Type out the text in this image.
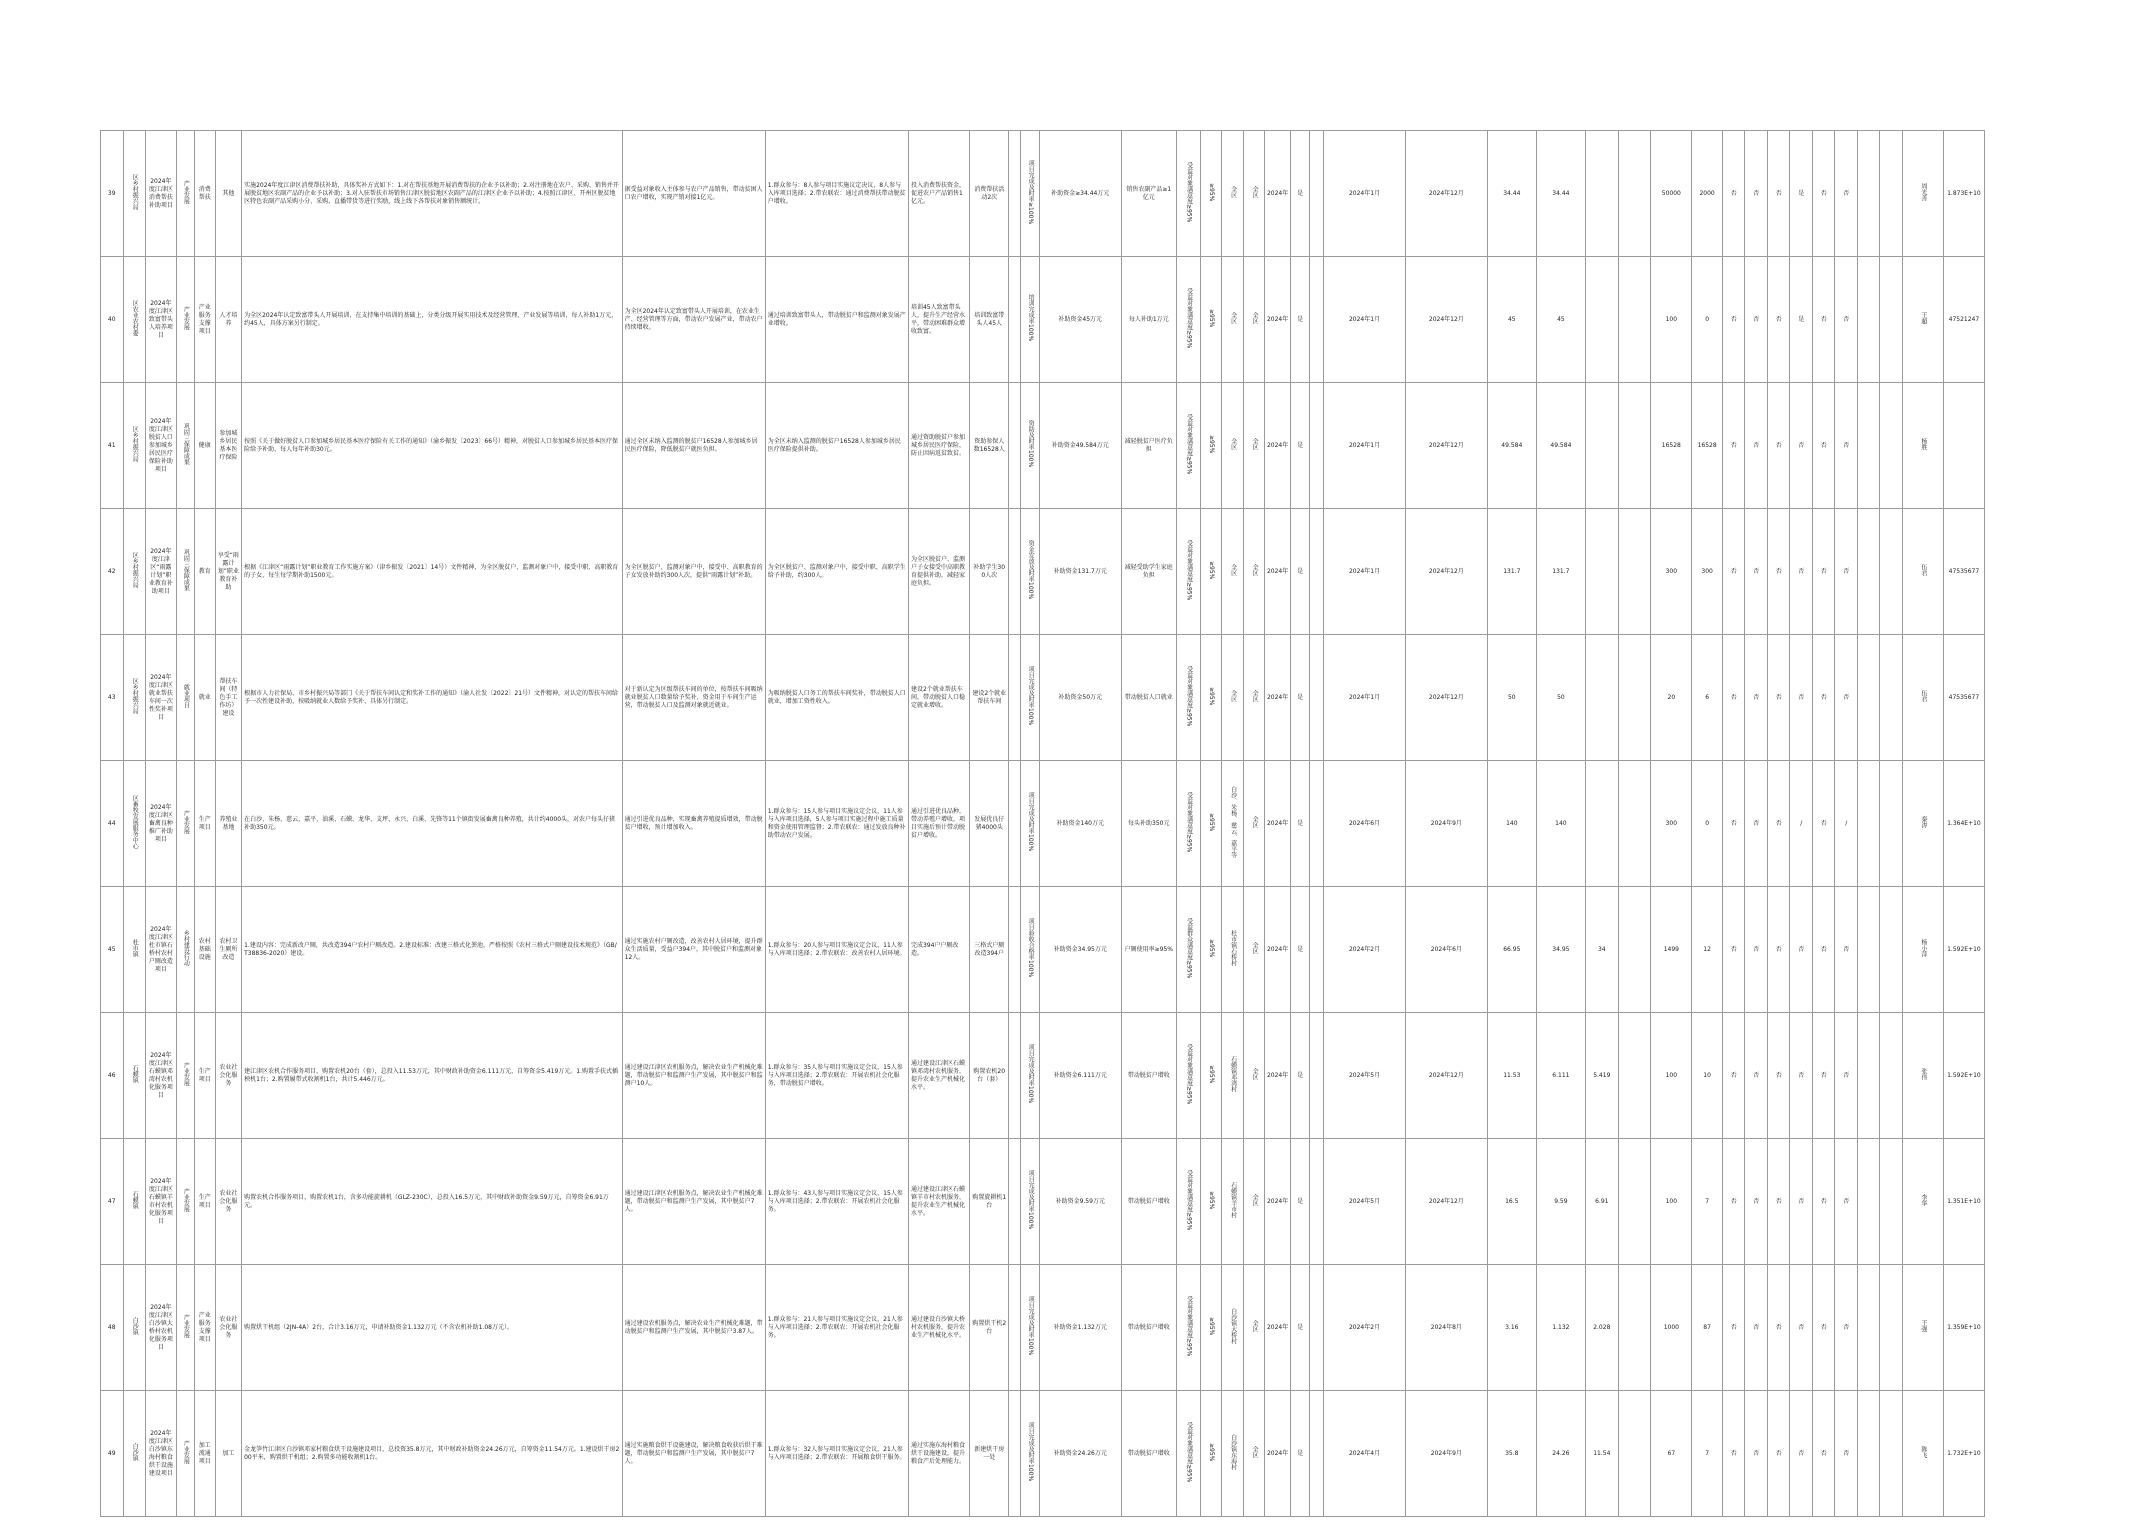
39	区乡村振兴局	2024年度江津区消费帮扶补助项目	产业发展	消费帮扶	其他	实施2024年度江津区消费帮扶补助，具体奖补方式如下：1.对在帮扶基地开展消费帮扶的企业予以补助；2.对注册地在农户、采购、销售并开展脱贫地区农副产品的企业予以补助；3.对入驻帮扶市场销售江津区脱贫地区农副产品的江津区企业予以补助；4.按照江津区、开州区脱贫地区特色农副产品采购小分、采购、直播带货等进行奖励，线上线下各帮扶对象销售额统计。	据受益对象收入主体参与农户产品销售，带动贫困人口农户增收，实现产销对接1亿元。	1.群众参与：8人参与项目实施议定决议，8人参与入库项目选择；2.带农联农：通过消费帮扶带动脱贫户增收。	投入消费帮扶资金，促进农户产品销售1亿元。	消费帮扶活动2次		项目完成及时率≥100%	补助资金≥34.44万元	销售农副产品≥1亿元	受益对象满意度≥95%	≥95%	全区	全区	2024年	是		2024年1月	2024年12月	34.44	34.44			50000	2000	否	否	否	是	否	否			周光善	1.873E+10
40	区农业农村委	2024年度江津区致富带头人培养项目	产业发展	产业服务支撑项目	人才培养	为全区2024年认定致富带头人开展培训，在支持集中培训的基础上，分类分级开展实用技术及经营管理、产业发展等培训，每人补助1万元，约45人，具体方案另行制定。	为全区2024年认定致富带头人开展培训，在农业生产、经营管理等方面，带动农户发展产业，带动农户持续增收。	通过培训致富带头人，带动脱贫户和监测对象发展产业增收。	培训45人致富带头人，提升生产经营水平，带动困难群众增收致富。	培训致富带头人45人		培训完成率100%	补助资金45万元	每人补助1万元	受益对象满意度≥95%	≥95%	全区	全区	2024年	是		2024年1月	2024年12月	45	45			100	0	否	否	否	是	否	否			王超	47521247
41	区乡村振兴局	2024年度江津区脱贫人口参加城乡居民医疗保险补助项目	巩固三保障成果	健康	参加城乡居民基本医疗保险	按照《关于做好脱贫人口参加城乡居民基本医疗保险有关工作的通知》（渝乡振发〔2023〕66号）精神，对脱贫人口参加城乡居民基本医疗保险给予补助，每人每年补助30元。	通过全区未纳入监测的脱贫户16528人参加城乡居民医疗保险，降低脱贫户就医负担。	为全区未纳入监测的脱贫户16528人参加城乡居民医疗保险提供补助。	通过资助脱贫户参加城乡居民医疗保险，防止因病返贫致贫。	资助参保人数16528人		资助及时率100%	补助资金49.584万元	减轻脱贫户医疗负担	受益对象满意度≥95%	≥95%	全区	全区	2024年	是		2024年1月	2024年12月	49.584	49.584			16528	16528	否	否	否	否	否	否			杨胜	
42	区乡村振兴局	2024年度江津区“雨露计划”职业教育补助项目	巩固三保障成果	教育	享受“雨露计划”职业教育补助	根据《江津区“雨露计划”职业教育工作实施方案》（津乡振发〔2021〕14号）文件精神，为全区脱贫户、监测对象户中，接受中职、高职教育的子女，每生每学期补助1500元。	为全区脱贫户、监测对象户中，接受中、高职教育的子女发放补助约300人次，提供“雨露计划”补助。	为全区脱贫户、监测对象户中，接受中职、高职学生给予补助，约300人。	为全区脱贫户、监测户子女接受中高职教育提供补助，减轻家庭负担。	补助学生300人次		资金发放及时率100%	补助资金131.7万元	减轻受助学生家庭负担	受益对象满意度≥95%	≥95%	全区	全区	2024年	是		2024年1月	2024年12月	131.7	131.7			300	300	否	否	否	否	否	否			伍君	47535677
43	区乡村振兴局	2024年度江津区就业帮扶车间一次性奖补项目	就业项目	就业	帮扶车间（特色手工作坊）建设	根据市人力社保局、市乡村振兴局等部门《关于帮扶车间认定和奖补工作的通知》（渝人社发〔2022〕21号）文件精神，对认定的帮扶车间给予一次性建设补助，按吸纳就业人数给予奖补，具体另行制定。	对于新认定为区级帮扶车间的单位，按帮扶车间吸纳就业脱贫人口数量给予奖补，资金用于车间生产运营，带动脱贫人口及监测对象就近就业。	为吸纳脱贫人口务工的帮扶车间奖补，带动脱贫人口就业，增加工资性收入。	建设2个就业帮扶车间，带动脱贫人口稳定就业增收。	建设2个就业帮扶车间		项目完成及时率100%	补助资金50万元	带动脱贫人口就业	受益对象满意度≥95%	≥95%	全区	全区	2024年	是		2024年1月	2024年12月	50	50			20	6	否	否	否	否	否	否			伍君	47535677
44	区畜牧发展服务中心	2024年度江津区畜禽良种推广补助项目	产业发展	生产项目	养殖业基地	在白沙、朱杨、慈云、嘉平、油溪、石蟆、龙华、支坪、永兴、白溪、先锋等11个镇街发展畜禽良种养殖，共计约4000头，对农户每头仔猪补助350元。	通过引进优良品种，实现畜禽养殖提质增效，带动脱贫户增收，预计增加收入。	1.群众参与：15人参与项目实施议定会议，11人参与入库项目选择，5人参与项目实施过程中施工质量和资金使用管理监督；2.带农联农：通过发放良种补助带动农户发展。	通过引进优良品种，带动养殖户增收，项目实施后预计带动脱贫户增收。	发展优良仔猪4000头		项目完成及时率100%	补助资金140万元	每头补助350元	受益对象满意度≥95%	≥95%	白沙、朱杨、慈云、嘉平等	全区	2024年	是		2024年6月	2024年9月	140	140			300	0	否	否	否	/	否	/			秦涛	1.364E+10
45	杜市镇	2024年度江津区杜市镇石桥村农村户厕改造项目	乡村建设行动	农村基础设施	农村卫生厕所改造	1.建设内容：完成新改户厕，共改造394户农村户厕改造。2.建设标准：改建三格式化粪池，严格按照《农村三格式户厕建设技术规范》（GB/T38836-2020）建设。	通过实施农村户厕改造，改善农村人居环境，提升群众生活质量，受益户394户，其中脱贫户和监测对象12人。	1.群众参与：20人参与项目实施议定会议，11人参与入库项目选择；2.带农联农：改善农村人居环境。	完成394户户厕改造。	三格式户厕改造394户		项目验收合格率100%	补助资金34.95万元	户厕使用率≥95%	受益群众满意度≥95%	≥95%	杜市镇石桥村	全区	2024年	是		2024年2月	2024年6月	66.95	34.95	34		1499	12	否	否	否	否	否	否			杨小萍	1.592E+10
46	石蟆镇	2024年度江津区石蟆镇邓湾村农机化服务项目	产业发展	生产项目	农业社会化服务	建江津区农机合作服务项目，购置农机20台（套），总投入11.53万元，其中财政补助资金6.111万元，自筹资金5.419万元。1.购置手扶式插秧机1台；2.购置履带式收割机1台，共计5.446万元。	通过建设江津区农机服务点，解决农业生产机械化难题，带动脱贫户和监测户生产发展，其中脱贫户和监测户10人。	1.群众参与：35人参与项目实施议定会议，15人参与入库项目选择；2.带农联农：开展农机社会化服务，带动脱贫户增收。	通过建设江津区石蟆镇邓湾村农机服务，提升农业生产机械化水平。	购置农机20台（套）		项目完成及时率100%	补助资金6.111万元	带动脱贫户增收	受益对象满意度≥95%	≥95%	石蟆镇邓湾村	全区	2024年	是		2024年5月	2024年12月	11.53	6.111	5.419		100	10	否	否	否	否	否	否			张伟	1.592E+10
47	石蟆镇	2024年度江津区石蟆镇羊市村农机化服务项目	产业发展	生产项目	农业社会化服务	购置农机合作服务项目，购置农机1台，含多功能旋耕机（GLZ-230C），总投入16.5万元，其中财政补助资金9.59万元，自筹资金6.91万元。	通过建设江津区农机服务点，解决农业生产机械化难题，带动脱贫户和监测户生产发展，其中脱贫户7人。	1.群众参与：43人参与项目实施议定会议，15人参与入库项目选择；2.带农联农：开展农机社会化服务。	通过建设江津区石蟆镇羊市村农机服务，提升农业生产机械化水平。	购置旋耕机1台		项目完成及时率100%	补助资金9.59万元	带动脱贫户增收	受益对象满意度≥95%	≥95%	石蟆镇羊市村	全区	2024年	是		2024年5月	2024年12月	16.5	9.59	6.91		100	7	否	否	否	否	否	否			李华	1.351E+10
48	白沙镇	2024年度江津区白沙镇大桥村农机化服务项目	产业发展	产业服务支撑项目	农业社会化服务	购置烘干机组（2JN-4A）2台，合计3.16万元，申请补助资金1.132万元（不含农机补助1.08万元）。	通过建设农机服务点，解决农业生产机械化难题，带动脱贫户和监测户生产发展，其中脱贫户3.87人。	1.群众参与：21人参与项目实施议定会议，21人参与入库项目选择；2.带农联农：开展农机社会化服务。	通过建设白沙镇大桥村农机服务，提升农业生产机械化水平。	购置烘干机2台		项目完成及时率100%	补助资金1.132万元	带动脱贫户增收	受益对象满意度≥95%	≥95%	白沙镇大桥村	全区	2024年	是		2024年2月	2024年8月	3.16	1.132	2.028		1000	87	否	否	否	否	否	否			王强	1.359E+10
49	白沙镇	2024年度江津区白沙镇东海村粮食烘干设施建设项目	产业发展	加工流通项目	加工	金龙笋竹江津区白沙镇邓家村粮食烘干设施建设项目，总投资35.8万元，其中财政补助资金24.26万元，自筹资金11.54万元。1.建设烘干房200平米，购置烘干机组；2.购置多功能收割机1台。	通过实施粮食烘干设施建设，解决粮食收获后烘干难题，带动脱贫户和监测户生产发展，其中脱贫户7人。	1.群众参与：32人参与项目实施议定会议，21人参与入库项目选择；2.带农联农：开展粮食烘干服务。	通过实施东海村粮食烘干设施建设，提升粮食产后处理能力。	新建烘干房一处		项目完成及时率100%	补助资金24.26万元	带动脱贫户增收	受益对象满意度≥95%	≥95%	白沙镇东海村	全区	2024年	是		2024年4月	2024年9月	35.8	24.26	11.54		67	7	否	否	否	否	否	否			陈飞	1.732E+10
